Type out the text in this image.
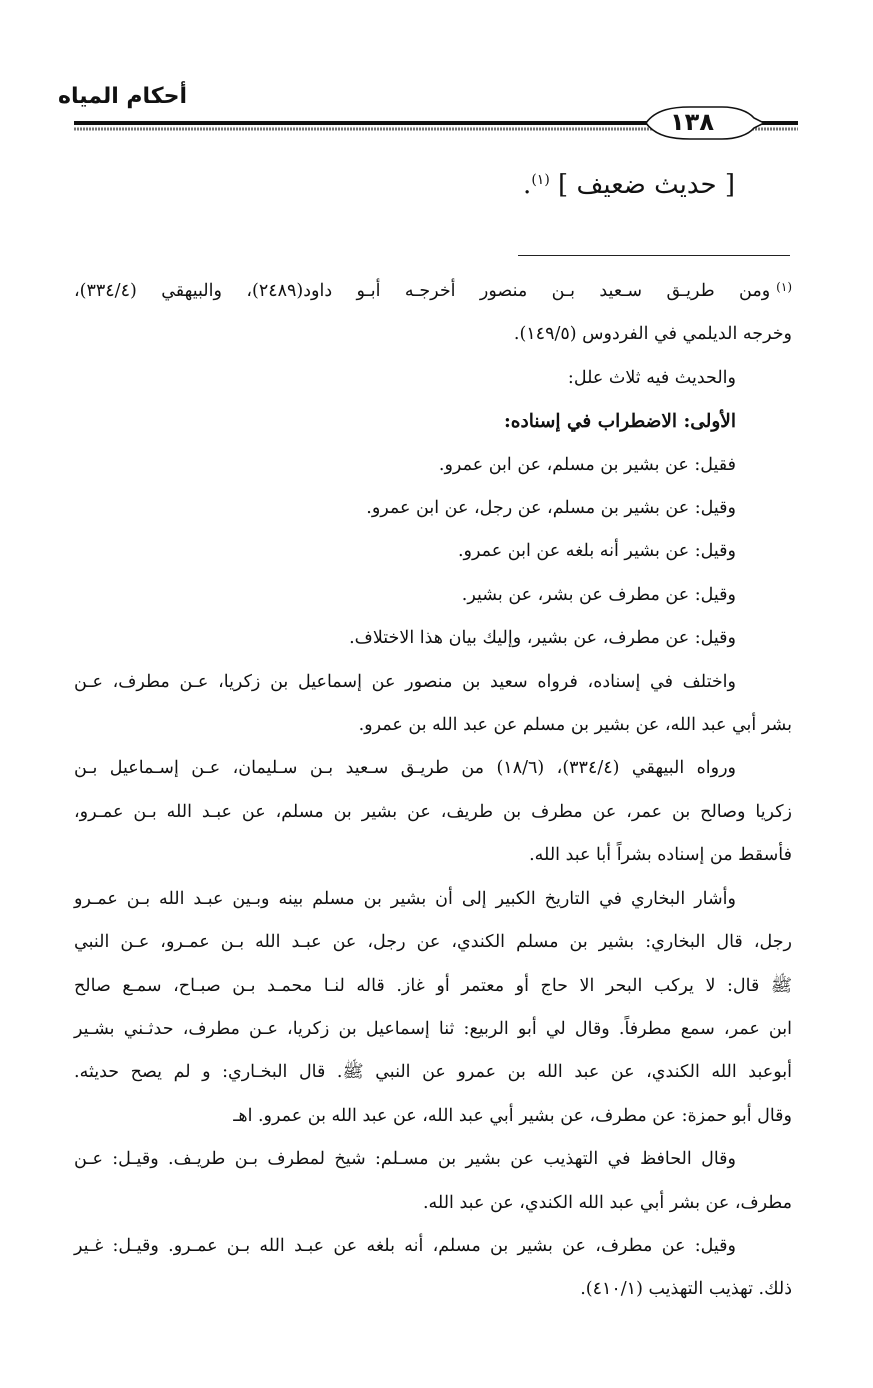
أحكام المياه
١٣٨
[ حديث ضعيف ] $^{(١)}$.

$^{(١)}$ومن طريـق سـعيد بـن منصور أخرجـه أبـو داود(٢٤٨٩)، والبيهقي (٣٣٤/٤)،

وخرجه الديلمي في الفردوس (١٤٩/٥).

والحديث فيه ثلاث علل:

الأولى: الاضطراب في إسناده:

فقيل: عن بشير بن مسلم، عن ابن عمرو.

وقيل: عن بشير بن مسلم، عن رجل، عن ابن عمرو.

وقيل: عن بشير أنه بلغه عن ابن عمرو.

وقيل: عن مطرف عن بشر، عن بشير.

وقيل: عن مطرف، عن بشير، وإليك بيان هذا الاختلاف.

واختلف في إسناده، فرواه سعيد بن منصور عن إسماعيل بن زكريا، عـن مطرف، عـن

بشر أبي عبد الله، عن بشير بن مسلم عن عبد الله بن عمرو.

ورواه البيهقي (٣٣٤/٤)، (١٨/٦) من طريـق سـعيد بـن سـليمان، عـن إسـماعيل بـن

زكريا وصالح بن عمر، عن مطرف بن طريف، عن بشير بن مسلم، عن عبـد الله بـن عمـرو،

فأسقط من إسناده بشراً أبا عبد الله.

وأشار البخاري في التاريخ الكبير إلى أن بشير بن مسلم بينه وبـين عبـد الله بـن عمـرو

رجل، قال البخاري: بشير بن مسلم الكندي، عن رجل، عن عبـد الله بـن عمـرو، عـن النبي

ﷺ قال: لا يركب البحر الا حاج أو معتمر أو غاز. قاله لنـا محمـد بـن صبـاح، سمـع صالح

ابن عمر، سمع مطرفاً. وقال لي أبو الربيع: ثنا إسماعيل بن زكريا، عـن مطرف، حدثـني بشـير

أبوعبد الله الكندي، عن عبد الله بن عمرو عن النبي ﷺ. قال البخـاري: و لم يصح حديثه.

وقال أبو حمزة: عن مطرف، عن بشير أبي عبد الله، عن عبد الله بن عمرو. اهـ

وقال الحافظ في التهذيب عن بشير بن مسـلم: شيخ لمطرف بـن طريـف. وقيـل: عـن

مطرف، عن بشر أبي عبد الله الكندي، عن عبد الله.

وقيل: عن مطرف، عن بشير بن مسلم، أنه بلغه عن عبـد الله بـن عمـرو. وقيـل: غـير

ذلك. تهذيب التهذيب (٤١٠/١).
